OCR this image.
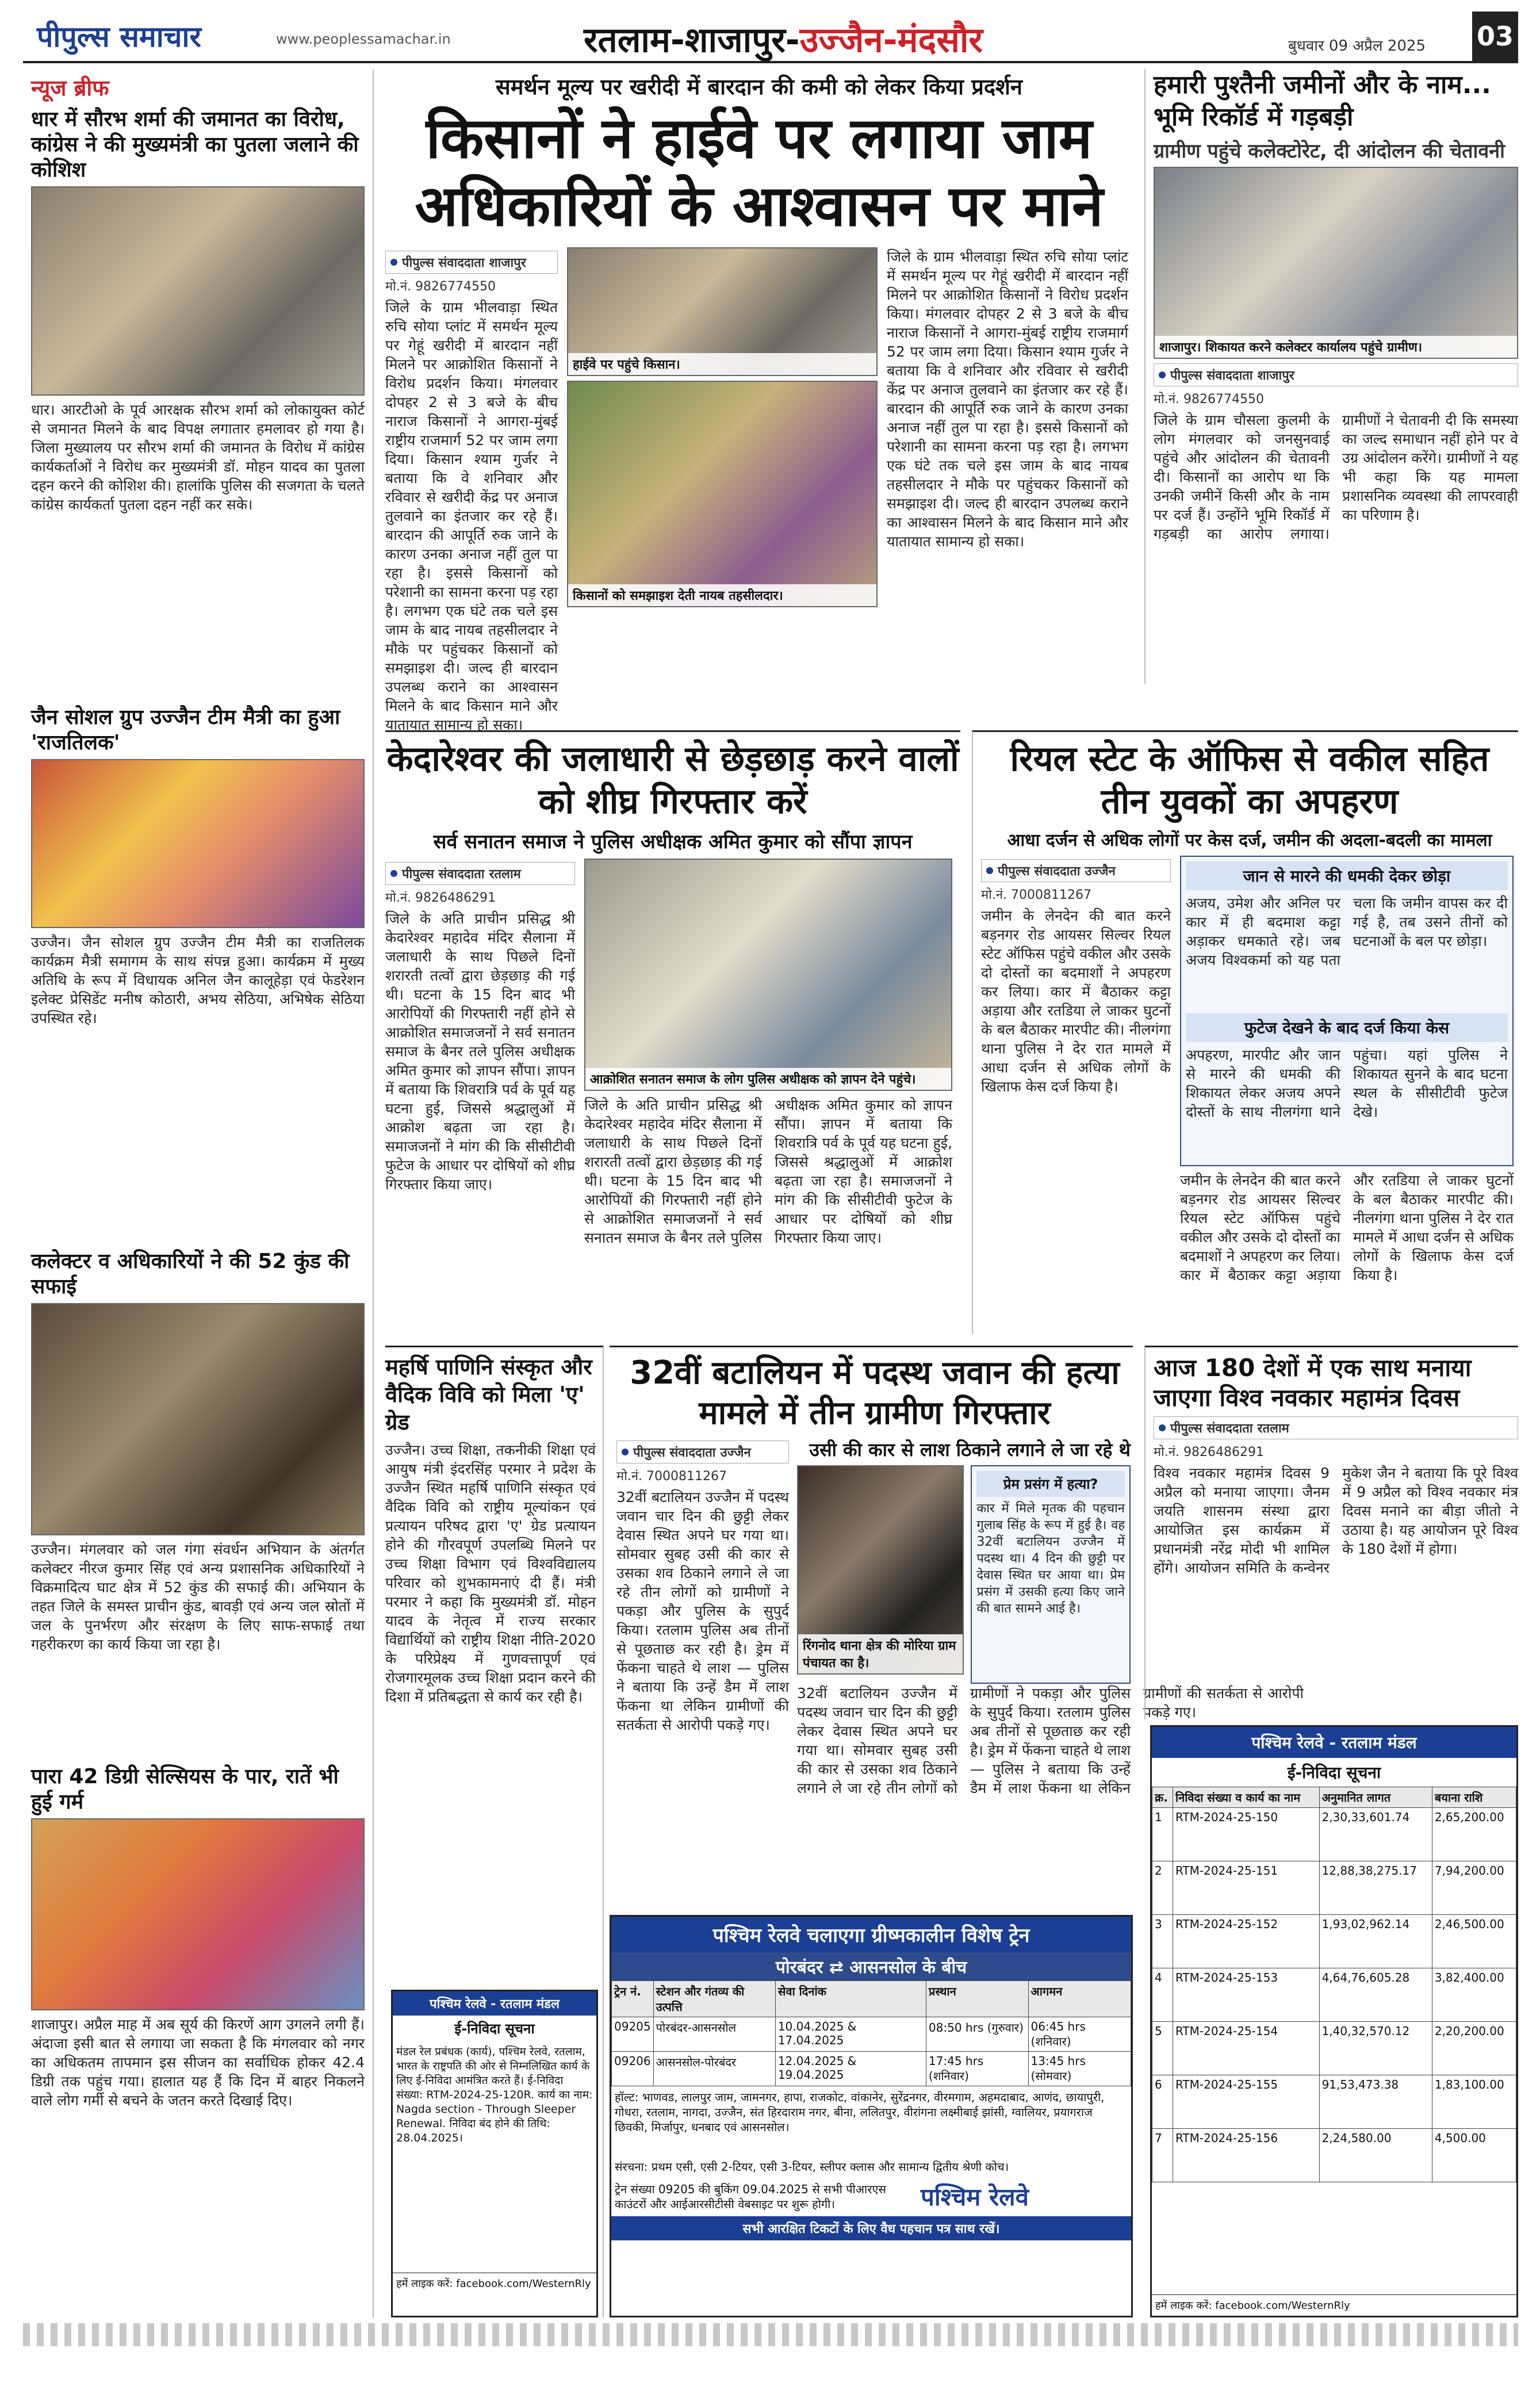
पीपुल्स समाचार	www.peoplessamachar.in	रतलाम-शाजापुर-उज्जैन-मंदसौर	बुधवार 09 अप्रैल 2025 03
न्यूज ब्रीफ
धार में सौरभ शर्मा की जमानत का विरोध, कांग्रेस ने की मुख्यमंत्री का पुतला जलाने की कोशिश
धार। आरटीओ के पूर्व आरक्षक सौरभ शर्मा को लोकायुक्त कोर्ट से जमानत मिलने के बाद विपक्ष लगातार हमलावर हो गया है। जिला मुख्यालय पर सौरभ शर्मा की जमानत के विरोध में कांग्रेस कार्यकर्ताओं ने विरोध कर मुख्यमंत्री डॉ. मोहन यादव का पुतला दहन करने की कोशिश की। हालांकि पुलिस की सजगता के चलते कांग्रेस कार्यकर्ता पुतला दहन नहीं कर सके।
जैन सोशल ग्रुप उज्जैन टीम मैत्री का हुआ 'राजतिलक'
उज्जैन। जैन सोशल ग्रुप उज्जैन टीम मैत्री का राजतिलक कार्यक्रम मैत्री समागम के साथ संपन्न हुआ। कार्यक्रम में मुख्य अतिथि के रूप में विधायक अनिल जैन कालूहेड़ा एवं फेडरेशन इलेक्ट प्रेसिडेंट मनीष कोठारी, अभय सेठिया, अभिषेक सेठिया उपस्थित रहे।
कलेक्टर व अधिकारियों ने की 52 कुंड की सफाई
उज्जैन। मंगलवार को जल गंगा संवर्धन अभियान के अंतर्गत कलेक्टर नीरज कुमार सिंह एवं अन्य प्रशासनिक अधिकारियों ने विक्रमादित्य घाट क्षेत्र में 52 कुंड की सफाई की। अभियान के तहत जिले के समस्त प्राचीन कुंड, बावड़ी एवं अन्य जल स्रोतों में जल के पुनर्भरण और संरक्षण के लिए साफ-सफाई तथा गहरीकरण का कार्य किया जा रहा है।
पारा 42 डिग्री सेल्सियस के पार, रातें भी हुई गर्म
शाजापुर। अप्रैल माह में अब सूर्य की किरणें आग उगलने लगी हैं। अंदाजा इसी बात से लगाया जा सकता है कि मंगलवार को नगर का अधिकतम तापमान इस सीजन का सर्वाधिक होकर 42.4 डिग्री तक पहुंच गया। हालात यह हैं कि दिन में बाहर निकलने वाले लोग गर्मी से बचने के जतन करते दिखाई दिए।
समर्थन मूल्य पर खरीदी में बारदान की कमी को लेकर किया प्रदर्शन
किसानों ने हाईवे पर लगाया जाम अधिकारियों के आश्वासन पर माने
पीपुल्स संवाददाता शाजापुर
मो.नं. 9826774550
जिले के ग्राम भीलवाड़ा स्थित रुचि सोया प्लांट में समर्थन मूल्य पर गेहूं खरीदी में बारदान नहीं मिलने पर आक्रोशित किसानों ने विरोध प्रदर्शन किया। मंगलवार दोपहर 2 से 3 बजे के बीच नाराज किसानों ने आगरा-मुंबई राष्ट्रीय राजमार्ग 52 पर जाम लगा दिया। किसान श्याम गुर्जर ने बताया कि वे शनिवार और रविवार से खरीदी केंद्र पर अनाज तुलवाने का इंतजार कर रहे हैं। बारदान की आपूर्ति रुक जाने के कारण उनका अनाज नहीं तुल पा रहा है। इससे किसानों को परेशानी का सामना करना पड़ रहा है। लगभग एक घंटे तक चले इस जाम के बाद नायब तहसीलदार ने मौके पर पहुंचकर किसानों को समझाइश दी। जल्द ही बारदान उपलब्ध कराने का आश्वासन मिलने के बाद किसान माने और यातायात सामान्य हो सका।
हाईवे पर पहुंचे किसान।
किसानों को समझाइश देती नायब तहसीलदार।
जिले के ग्राम भीलवाड़ा स्थित रुचि सोया प्लांट में समर्थन मूल्य पर गेहूं खरीदी में बारदान नहीं मिलने पर आक्रोशित किसानों ने विरोध प्रदर्शन किया। मंगलवार दोपहर 2 से 3 बजे के बीच नाराज किसानों ने आगरा-मुंबई राष्ट्रीय राजमार्ग 52 पर जाम लगा दिया। किसान श्याम गुर्जर ने बताया कि वे शनिवार और रविवार से खरीदी केंद्र पर अनाज तुलवाने का इंतजार कर रहे हैं। बारदान की आपूर्ति रुक जाने के कारण उनका अनाज नहीं तुल पा रहा है। इससे किसानों को परेशानी का सामना करना पड़ रहा है। लगभग एक घंटे तक चले इस जाम के बाद नायब तहसीलदार ने मौके पर पहुंचकर किसानों को समझाइश दी। जल्द ही बारदान उपलब्ध कराने का आश्वासन मिलने के बाद किसान माने और यातायात सामान्य हो सका।
हमारी पुश्तैनी जमीनों और के नाम... भूमि रिकॉर्ड में गड़बड़ी
ग्रामीण पहुंचे कलेक्टोरेट, दी आंदोलन की चेतावनी
शाजापुर। शिकायत करने कलेक्टर कार्यालय पहुंचे ग्रामीण।
पीपुल्स संवाददाता शाजापुर
मो.नं. 9826774550
जिले के ग्राम चौसला कुलमी के लोग मंगलवार को जनसुनवाई पहुंचे और आंदोलन की चेतावनी दी। किसानों का आरोप था कि उनकी जमीनें किसी और के नाम पर दर्ज हैं। उन्होंने भूमि रिकॉर्ड में गड़बड़ी का आरोप लगाया। ग्रामीणों ने चेतावनी दी कि समस्या का जल्द समाधान नहीं होने पर वे उग्र आंदोलन करेंगे। ग्रामीणों ने यह भी कहा कि यह मामला प्रशासनिक व्यवस्था की लापरवाही का परिणाम है।
केदारेश्वर की जलाधारी से छेड़छाड़ करने वालों को शीघ्र गिरफ्तार करें
सर्व सनातन समाज ने पुलिस अधीक्षक अमित कुमार को सौंपा ज्ञापन
पीपुल्स संवाददाता रतलाम
मो.नं. 9826486291
जिले के अति प्राचीन प्रसिद्ध श्री केदारेश्वर महादेव मंदिर सैलाना में जलाधारी के साथ पिछले दिनों शरारती तत्वों द्वारा छेड़छाड़ की गई थी। घटना के 15 दिन बाद भी आरोपियों की गिरफ्तारी नहीं होने से आक्रोशित समाजजनों ने सर्व सनातन समाज के बैनर तले पुलिस अधीक्षक अमित कुमार को ज्ञापन सौंपा। ज्ञापन में बताया कि शिवरात्रि पर्व के पूर्व यह घटना हुई, जिससे श्रद्धालुओं में आक्रोश बढ़ता जा रहा है। समाजजनों ने मांग की कि सीसीटीवी फुटेज के आधार पर दोषियों को शीघ्र गिरफ्तार किया जाए।
आक्रोशित सनातन समाज के लोग पुलिस अधीक्षक को ज्ञापन देने पहुंचे।
जिले के अति प्राचीन प्रसिद्ध श्री केदारेश्वर महादेव मंदिर सैलाना में जलाधारी के साथ पिछले दिनों शरारती तत्वों द्वारा छेड़छाड़ की गई थी। घटना के 15 दिन बाद भी आरोपियों की गिरफ्तारी नहीं होने से आक्रोशित समाजजनों ने सर्व सनातन समाज के बैनर तले पुलिस अधीक्षक अमित कुमार को ज्ञापन सौंपा। ज्ञापन में बताया कि शिवरात्रि पर्व के पूर्व यह घटना हुई, जिससे श्रद्धालुओं में आक्रोश बढ़ता जा रहा है। समाजजनों ने मांग की कि सीसीटीवी फुटेज के आधार पर दोषियों को शीघ्र गिरफ्तार किया जाए।
रियल स्टेट के ऑफिस से वकील सहित तीन युवकों का अपहरण
आधा दर्जन से अधिक लोगों पर केस दर्ज, जमीन की अदला-बदली का मामला
पीपुल्स संवाददाता उज्जैन
मो.नं. 7000811267
जमीन के लेनदेन की बात करने बड़नगर रोड आयसर सिल्वर रियल स्टेट ऑफिस पहुंचे वकील और उसके दो दोस्तों का बदमाशों ने अपहरण कर लिया। कार में बैठाकर कट्टा अड़ाया और रतडिया ले जाकर घुटनों के बल बैठाकर मारपीट की। नीलगंगा थाना पुलिस ने देर रात मामले में आधा दर्जन से अधिक लोगों के खिलाफ केस दर्ज किया है।
जान से मारने की धमकी देकर छोड़ा
अजय, उमेश और अनिल पर कार में ही बदमाश कट्टा अड़ाकर धमकाते रहे। जब अजय विश्वकर्मा को यह पता चला कि जमीन वापस कर दी गई है, तब उसने तीनों को घटनाओं के बल पर छोड़ा।
फुटेज देखने के बाद दर्ज किया केस
अपहरण, मारपीट और जान से मारने की धमकी की शिकायत लेकर अजय अपने दोस्तों के साथ नीलगंगा थाने पहुंचा। यहां पुलिस ने शिकायत सुनने के बाद घटना स्थल के सीसीटीवी फुटेज देखे।
जमीन के लेनदेन की बात करने बड़नगर रोड आयसर सिल्वर रियल स्टेट ऑफिस पहुंचे वकील और उसके दो दोस्तों का बदमाशों ने अपहरण कर लिया। कार में बैठाकर कट्टा अड़ाया और रतडिया ले जाकर घुटनों के बल बैठाकर मारपीट की। नीलगंगा थाना पुलिस ने देर रात मामले में आधा दर्जन से अधिक लोगों के खिलाफ केस दर्ज किया है।
महर्षि पाणिनि संस्कृत और वैदिक विवि को मिला 'ए' ग्रेड
उज्जैन। उच्च शिक्षा, तकनीकी शिक्षा एवं आयुष मंत्री इंदरसिंह परमार ने प्रदेश के उज्जैन स्थित महर्षि पाणिनि संस्कृत एवं वैदिक विवि को राष्ट्रीय मूल्यांकन एवं प्रत्यायन परिषद द्वारा 'ए' ग्रेड प्रत्यायन होने की गौरवपूर्ण उपलब्धि मिलने पर उच्च शिक्षा विभाग एवं विश्वविद्यालय परिवार को शुभकामनाएं दी हैं। मंत्री परमार ने कहा कि मुख्यमंत्री डॉ. मोहन यादव के नेतृत्व में राज्य सरकार विद्यार्थियों को राष्ट्रीय शिक्षा नीति-2020 के परिप्रेक्ष्य में गुणवत्तापूर्ण एवं रोजगारमूलक उच्च शिक्षा प्रदान करने की दिशा में प्रतिबद्धता से कार्य कर रही है।
32वीं बटालियन में पदस्थ जवान की हत्या मामले में तीन ग्रामीण गिरफ्तार
पीपुल्स संवाददाता उज्जैन
मो.नं. 7000811267
32वीं बटालियन उज्जैन में पदस्थ जवान चार दिन की छुट्टी लेकर देवास स्थित अपने घर गया था। सोमवार सुबह उसी की कार से उसका शव ठिकाने लगाने ले जा रहे तीन लोगों को ग्रामीणों ने पकड़ा और पुलिस के सुपुर्द किया। रतलाम पुलिस अब तीनों से पूछताछ कर रही है। ड्रेम में फेंकना चाहते थे लाश — पुलिस ने बताया कि उन्हें डैम में लाश फेंकना था लेकिन ग्रामीणों की सतर्कता से आरोपी पकड़े गए।
उसी की कार से लाश ठिकाने लगाने ले जा रहे थे
रिंगनोद थाना क्षेत्र की मोरिया ग्राम पंचायत का है।
प्रेम प्रसंग में हत्या?
कार में मिले मृतक की पहचान गुलाब सिंह के रूप में हुई है। वह 32वीं बटालियन उज्जैन में पदस्थ था। 4 दिन की छुट्टी पर देवास स्थित घर आया था। प्रेम प्रसंग में उसकी हत्या किए जाने की बात सामने आई है।
32वीं बटालियन उज्जैन में पदस्थ जवान चार दिन की छुट्टी लेकर देवास स्थित अपने घर गया था। सोमवार सुबह उसी की कार से उसका शव ठिकाने लगाने ले जा रहे तीन लोगों को ग्रामीणों ने पकड़ा और पुलिस के सुपुर्द किया। रतलाम पुलिस अब तीनों से पूछताछ कर रही है। ड्रेम में फेंकना चाहते थे लाश — पुलिस ने बताया कि उन्हें डैम में लाश फेंकना था लेकिन ग्रामीणों की सतर्कता से आरोपी पकड़े गए।
आज 180 देशों में एक साथ मनाया जाएगा विश्व नवकार महामंत्र दिवस
पीपुल्स संवाददाता रतलाम
मो.नं. 9826486291
विश्व नवकार महामंत्र दिवस 9 अप्रैल को मनाया जाएगा। जैनम जयति शासनम संस्था द्वारा आयोजित इस कार्यक्रम में प्रधानमंत्री नरेंद्र मोदी भी शामिल होंगे। आयोजन समिति के कन्वेनर मुकेश जैन ने बताया कि पूरे विश्व में 9 अप्रैल को विश्व नवकार मंत्र दिवस मनाने का बीड़ा जीतो ने उठाया है। यह आयोजन पूरे विश्व के 180 देशों में होगा।
पश्चिम रेलवे - रतलाम मंडल
ई-निविदा सूचना
मंडल रेल प्रबंधक (कार्य), पश्चिम रेलवे, रतलाम, भारत के राष्ट्रपति की ओर से निम्नलिखित कार्य के लिए ई-निविदा आमंत्रित करते हैं। ई-निविदा संख्या: RTM-2024-25-120R. कार्य का नाम: Nagda section - Through Sleeper Renewal. निविदा बंद होने की तिथि: 28.04.2025।
हमें लाइक करें: facebook.com/WesternRly
पश्चिम रेलवे चलाएगा ग्रीष्मकालीन विशेष ट्रेन
पोरबंदर ⇄ आसनसोल के बीच
ट्रेन नं.	स्टेशन और गंतव्य की उत्पत्ति	सेवा दिनांक	प्रस्थान	आगमन
09205	पोरबंदर-आसनसोल	10.04.2025 & 17.04.2025	08:50 hrs (गुरुवार)	06:45 hrs (शनिवार)
09206	आसनसोल-पोरबंदर	12.04.2025 & 19.04.2025	17:45 hrs (शनिवार)	13:45 hrs (सोमवार)
हॉल्ट: भाणवड, लालपुर जाम, जामनगर, हापा, राजकोट, वांकानेर, सुरेंद्रनगर, वीरमगाम, अहमदाबाद, आणंद, छायापुरी, गोधरा, रतलाम, नागदा, उज्जैन, संत हिरदाराम नगर, बीना, ललितपुर, वीरांगना लक्ष्मीबाई झांसी, ग्वालियर, प्रयागराज छिवकी, मिर्जापुर, धनबाद एवं आसनसोल।
संरचना: प्रथम एसी, एसी 2-टियर, एसी 3-टियर, स्लीपर क्लास और सामान्य द्वितीय श्रेणी कोच।
ट्रेन संख्या 09205 की बुकिंग 09.04.2025 से सभी पीआरएस काउंटरों और आईआरसीटीसी वेबसाइट पर शुरू होगी।	पश्चिम रेलवे
सभी आरक्षित टिकटों के लिए वैध पहचान पत्र साथ रखें।
पश्चिम रेलवे - रतलाम मंडल
ई-निविदा सूचना
क्र.	निविदा संख्या व कार्य का नाम	अनुमानित लागत	बयाना राशि
1	RTM-2024-25-150	2,30,33,601.74	2,65,200.00
2	RTM-2024-25-151	12,88,38,275.17	7,94,200.00
3	RTM-2024-25-152	1,93,02,962.14	2,46,500.00
4	RTM-2024-25-153	4,64,76,605.28	3,82,400.00
5	RTM-2024-25-154	1,40,32,570.12	2,20,200.00
6	RTM-2024-25-155	91,53,473.38	1,83,100.00
7	RTM-2024-25-156	2,24,580.00	4,500.00
हमें लाइक करें: facebook.com/WesternRly
